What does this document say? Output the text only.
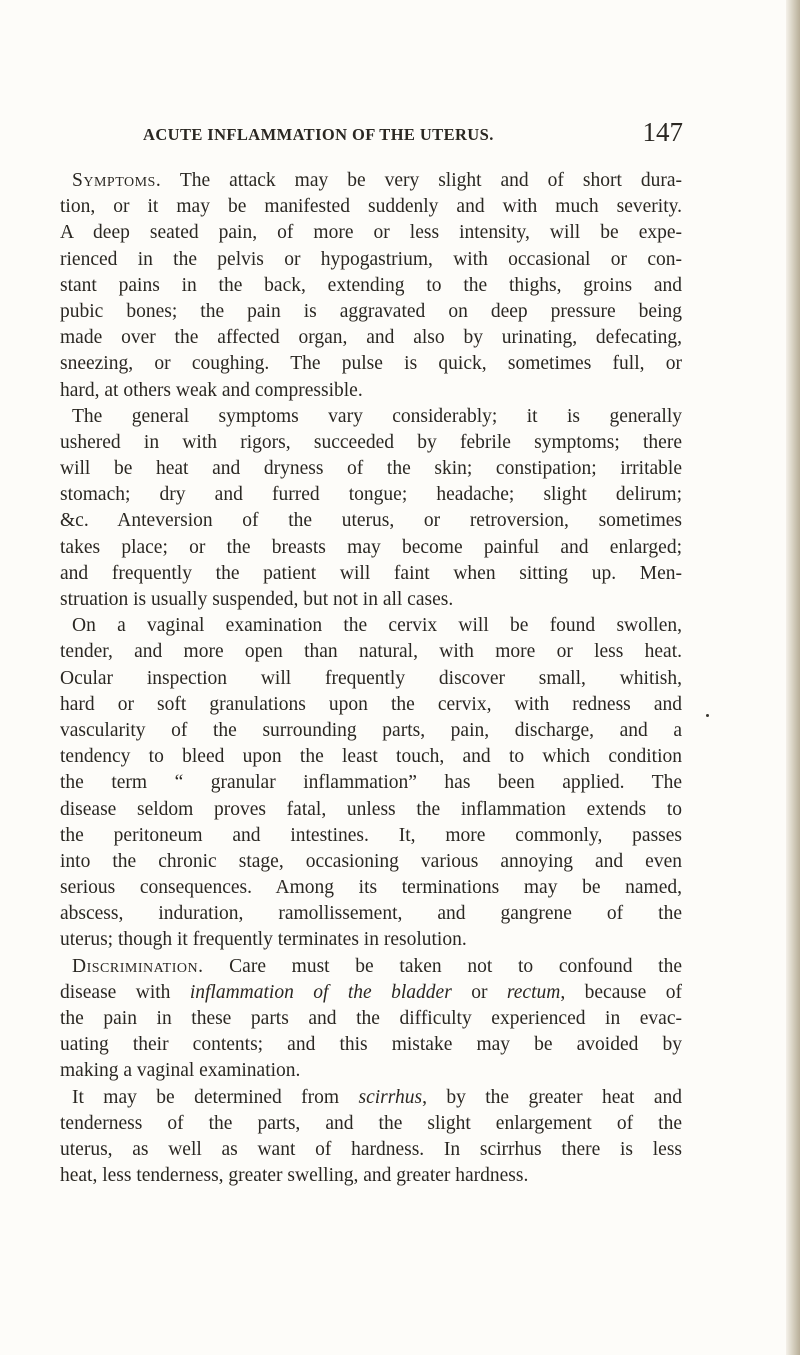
ACUTE INFLAMMATION OF THE UTERUS.	147
Symptoms. The attack may be very slight and of short dura-
tion, or it may be manifested suddenly and with much severity.
A deep seated pain, of more or less intensity, will be expe-
rienced in the pelvis or hypogastrium, with occasional or con-
stant pains in the back, extending to the thighs, groins and
pubic bones; the pain is aggravated on deep pressure being
made over the affected organ, and also by urinating, defecating,
sneezing, or coughing. The pulse is quick, sometimes full, or
hard, at others weak and compressible.
The general symptoms vary considerably; it is generally
ushered in with rigors, succeeded by febrile symptoms; there
will be heat and dryness of the skin; constipation; irritable
stomach; dry and furred tongue; headache; slight delirum;
&c. Anteversion of the uterus, or retroversion, sometimes
takes place; or the breasts may become painful and enlarged;
and frequently the patient will faint when sitting up. Men-
struation is usually suspended, but not in all cases.
On a vaginal examination the cervix will be found swollen,
tender, and more open than natural, with more or less heat.
Ocular inspection will frequently discover small, whitish,
hard or soft granulations upon the cervix, with redness and
vascularity of the surrounding parts, pain, discharge, and a
tendency to bleed upon the least touch, and to which condition
the term “ granular inflammation” has been applied. The
disease seldom proves fatal, unless the inflammation extends to
the peritoneum and intestines. It, more commonly, passes
into the chronic stage, occasioning various annoying and even
serious consequences. Among its terminations may be named,
abscess, induration, ramollissement, and gangrene of the
uterus; though it frequently terminates in resolution.
Discrimination. Care must be taken not to confound the
disease with inflammation of the bladder or rectum, because of
the pain in these parts and the difficulty experienced in evac-
uating their contents; and this mistake may be avoided by
making a vaginal examination.
It may be determined from scirrhus, by the greater heat and
tenderness of the parts, and the slight enlargement of the
uterus, as well as want of hardness. In scirrhus there is less
heat, less tenderness, greater swelling, and greater hardness.
